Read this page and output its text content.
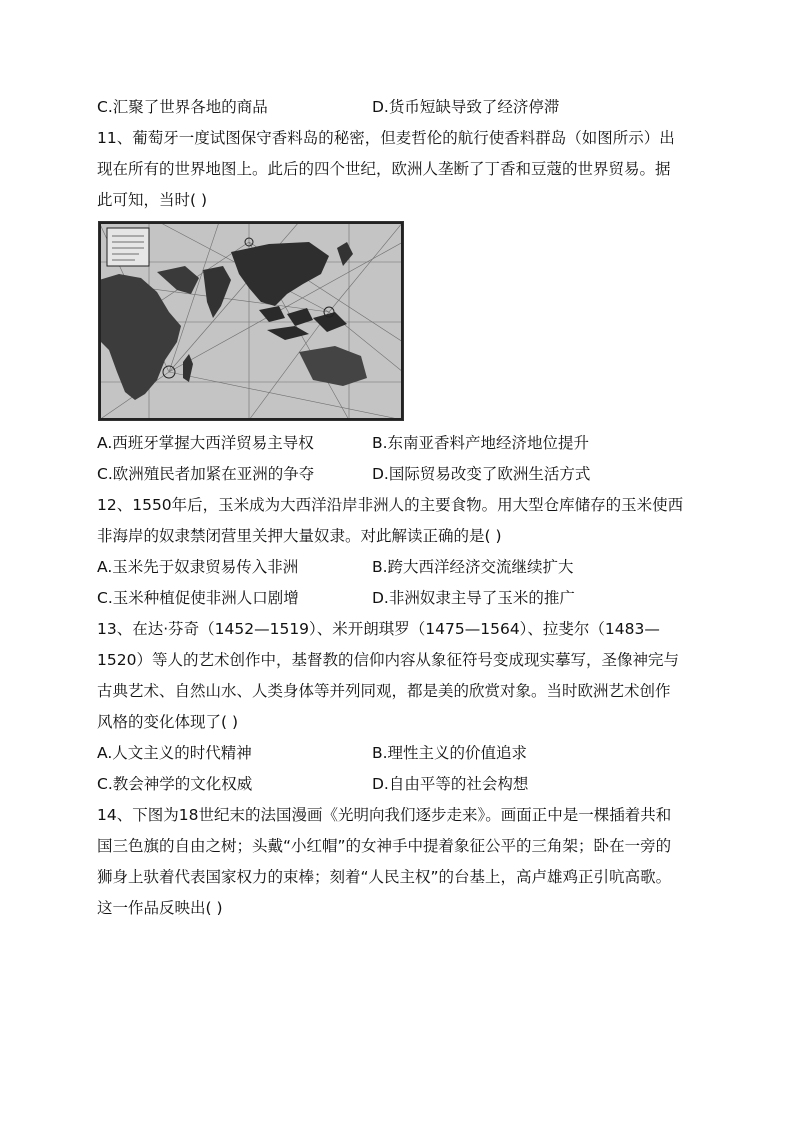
C.汇聚了世界各地的商品	D.货币短缺导致了经济停滞
11、葡萄牙一度试图保守香料岛的秘密，但麦哲伦的航行使香料群岛（如图所示）出
现在所有的世界地图上。此后的四个世纪，欧洲人垄断了丁香和豆蔻的世界贸易。据
此可知，当时( )
A.西班牙掌握大西洋贸易主导权	B.东南亚香料产地经济地位提升
C.欧洲殖民者加紧在亚洲的争夺	D.国际贸易改变了欧洲生活方式
12、1550年后，玉米成为大西洋沿岸非洲人的主要食物。用大型仓库储存的玉米使西
非海岸的奴隶禁闭营里关押大量奴隶。对此解读正确的是( )
A.玉米先于奴隶贸易传入非洲	B.跨大西洋经济交流继续扩大
C.玉米种植促使非洲人口剧增	D.非洲奴隶主导了玉米的推广
13、在达·芬奇（1452—1519）、米开朗琪罗（1475—1564）、拉斐尔（1483—
1520）等人的艺术创作中，基督教的信仰内容从象征符号变成现实摹写，圣像神完与
古典艺术、自然山水、人类身体等并列同观，都是美的欣赏对象。当时欧洲艺术创作
风格的变化体现了( )
A.人文主义的时代精神	B.理性主义的价值追求
C.教会神学的文化权威	D.自由平等的社会构想
14、下图为18世纪末的法国漫画《光明向我们逐步走来》。画面正中是一棵插着共和
国三色旗的自由之树；头戴“小红帽”的女神手中提着象征公平的三角架；卧在一旁的
狮身上驮着代表国家权力的束棒；刻着“人民主权”的台基上，高卢雄鸡正引吭高歌。
这一作品反映出( )
